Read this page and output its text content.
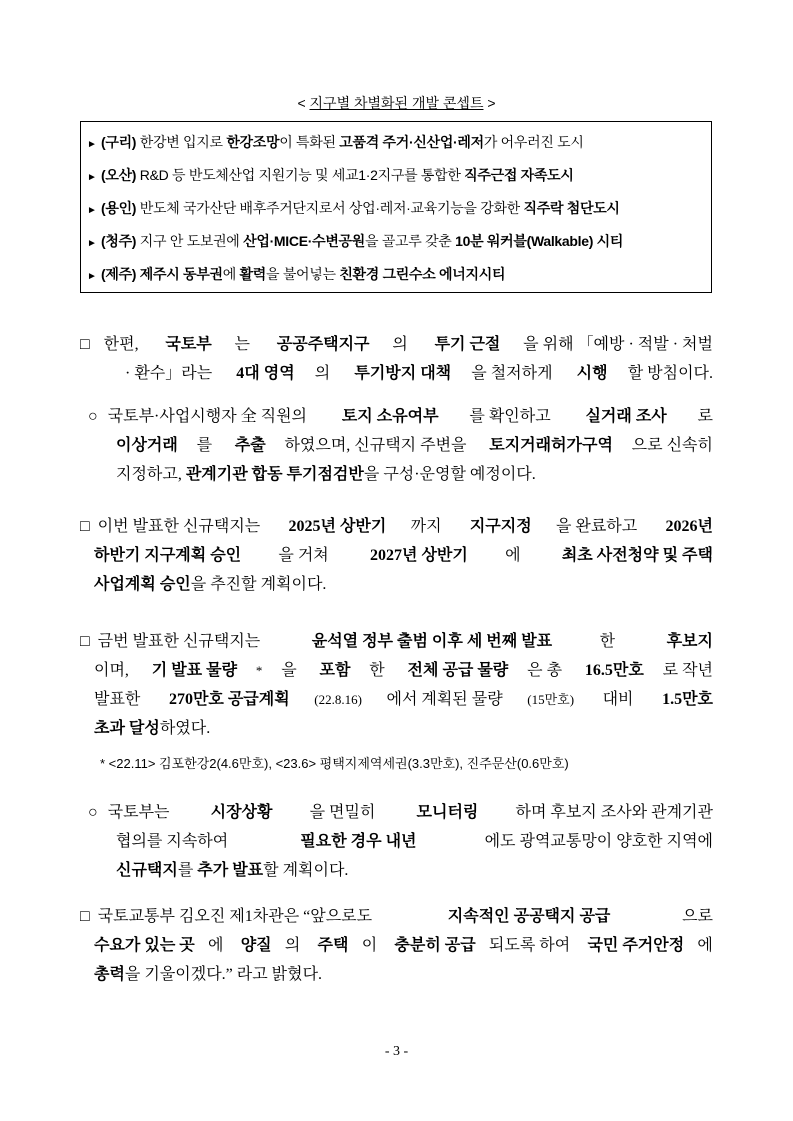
< 지구별 차별화된 개발 콘셉트 >
► (구리) 한강변 입지로 한강조망이 특화된 고품격 주거·신산업·레저가 어우러진 도시
► (오산) R&D 등 반도체산업 지원기능 및 세교1·2지구를 통합한 직주근접 자족도시
► (용인) 반도체 국가산단 배후주거단지로서 상업·레저·교육기능을 강화한 직주락 첨단도시
► (청주) 지구 안 도보권에 산업·MICE·수변공원을 골고루 갖춘 10분 워커블(Walkable) 시티
► (제주) 제주시 동부권에 활력을 불어넣는 친환경 그린수소 에너지시티
□ 한편, 국토부 는 공공주택지구 의 투기 근절 을 위해 「예방 · 적발 · 처벌
· 환수」라는 4대 영역 의 투기방지 대책 을 철저하게 시행 할 방침이다.
○ 국토부·사업시행자 全 직원의 토지 소유여부 를 확인하고 실거래 조사 로
이상거래 를 추출 하였으며, 신규택지 주변을 토지거래허가구역 으로 신속히
지정하고, 관계기관 합동 투기점검반을 구성·운영할 예정이다.
□ 이번 발표한 신규택지는 2025년 상반기 까지 지구지정 을 완료하고 2026년
하반기 지구계획 승인 을 거쳐 2027년 상반기 에 최초 사전청약 및 주택
사업계획 승인을 추진할 계획이다.
□ 금번 발표한 신규택지는	윤석열 정부 출범 이후 세 번째 발표	한	후보지
이며, 기 발표 물량 * 을 포함 한 전체 공급 물량 은 총 16.5만호 로 작년
발표한 270만호 공급계획 (22.8.16) 에서 계획된 물량 (15만호) 대비 1.5만호
초과 달성하였다.
* <22.11> 김포한강2(4.6만호), <23.6> 평택지제역세권(3.3만호), 진주문산(0.6만호)
○ 국토부는 시장상황 을 면밀히 모니터링 하며 후보지 조사와 관계기관
협의를 지속하여	필요한 경우 내년	에도 광역교통망이 양호한 지역에
신규택지를 추가 발표할 계획이다.
□ 국토교통부 김오진 제1차관은 “앞으로도	지속적인 공공택지 공급	으로
수요가 있는 곳 에 양질 의 주택 이 충분히 공급 되도록 하여 국민 주거안정 에
총력을 기울이겠다.” 라고 밝혔다.
- 3 -
